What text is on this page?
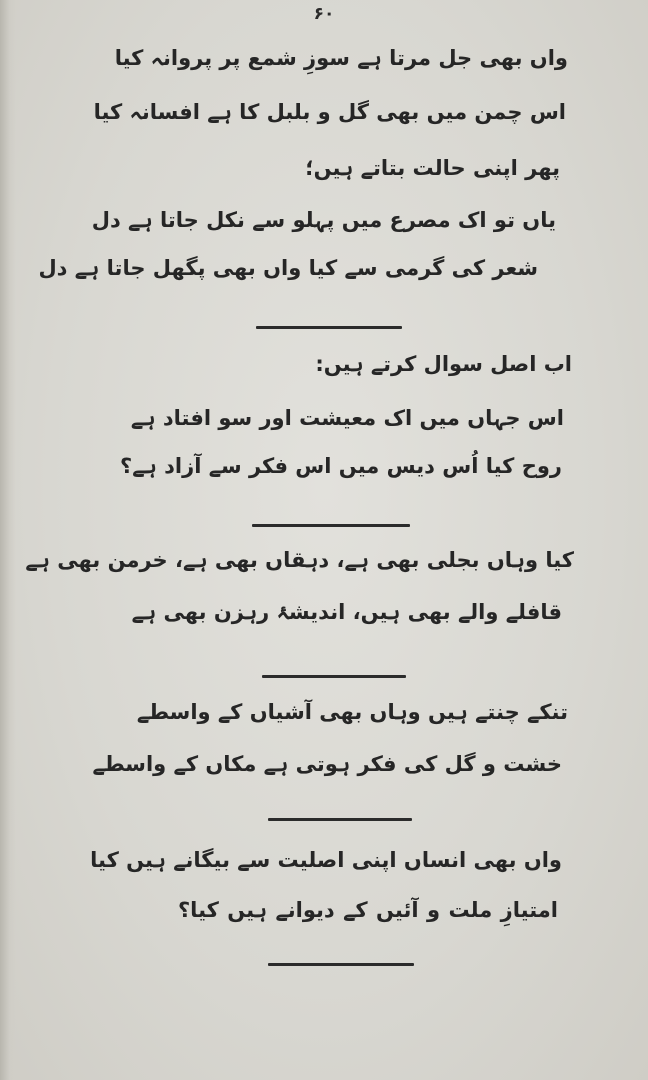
۶۰
واں بھی جل مرتا ہے سوزِ شمع پر پروانہ کیا
اس چمن میں بھی گل و بلبل کا ہے افسانہ کیا
پھر اپنی حالت بتاتے ہیں؛
یاں تو اک مصرع میں پہلو سے نکل جاتا ہے دل
شعر کی گرمی سے کیا واں بھی پگھل جاتا ہے دل
اب اصل سوال کرتے ہیں:
اس جہاں میں اک معیشت اور سو افتاد ہے
روح کیا اُس دیس میں اس فکر سے آزاد ہے؟
کیا وہاں بجلی بھی ہے، دہقاں بھی ہے، خرمن بھی ہے
قافلے والے بھی ہیں، اندیشۂ رہزن بھی ہے
تنکے چنتے ہیں وہاں بھی آشیاں کے واسطے
خشت و گل کی فکر ہوتی ہے مکاں کے واسطے
واں بھی انساں اپنی اصلیت سے بیگانے ہیں کیا
امتیازِ ملت و آئیں کے دیوانے ہیں کیا؟
